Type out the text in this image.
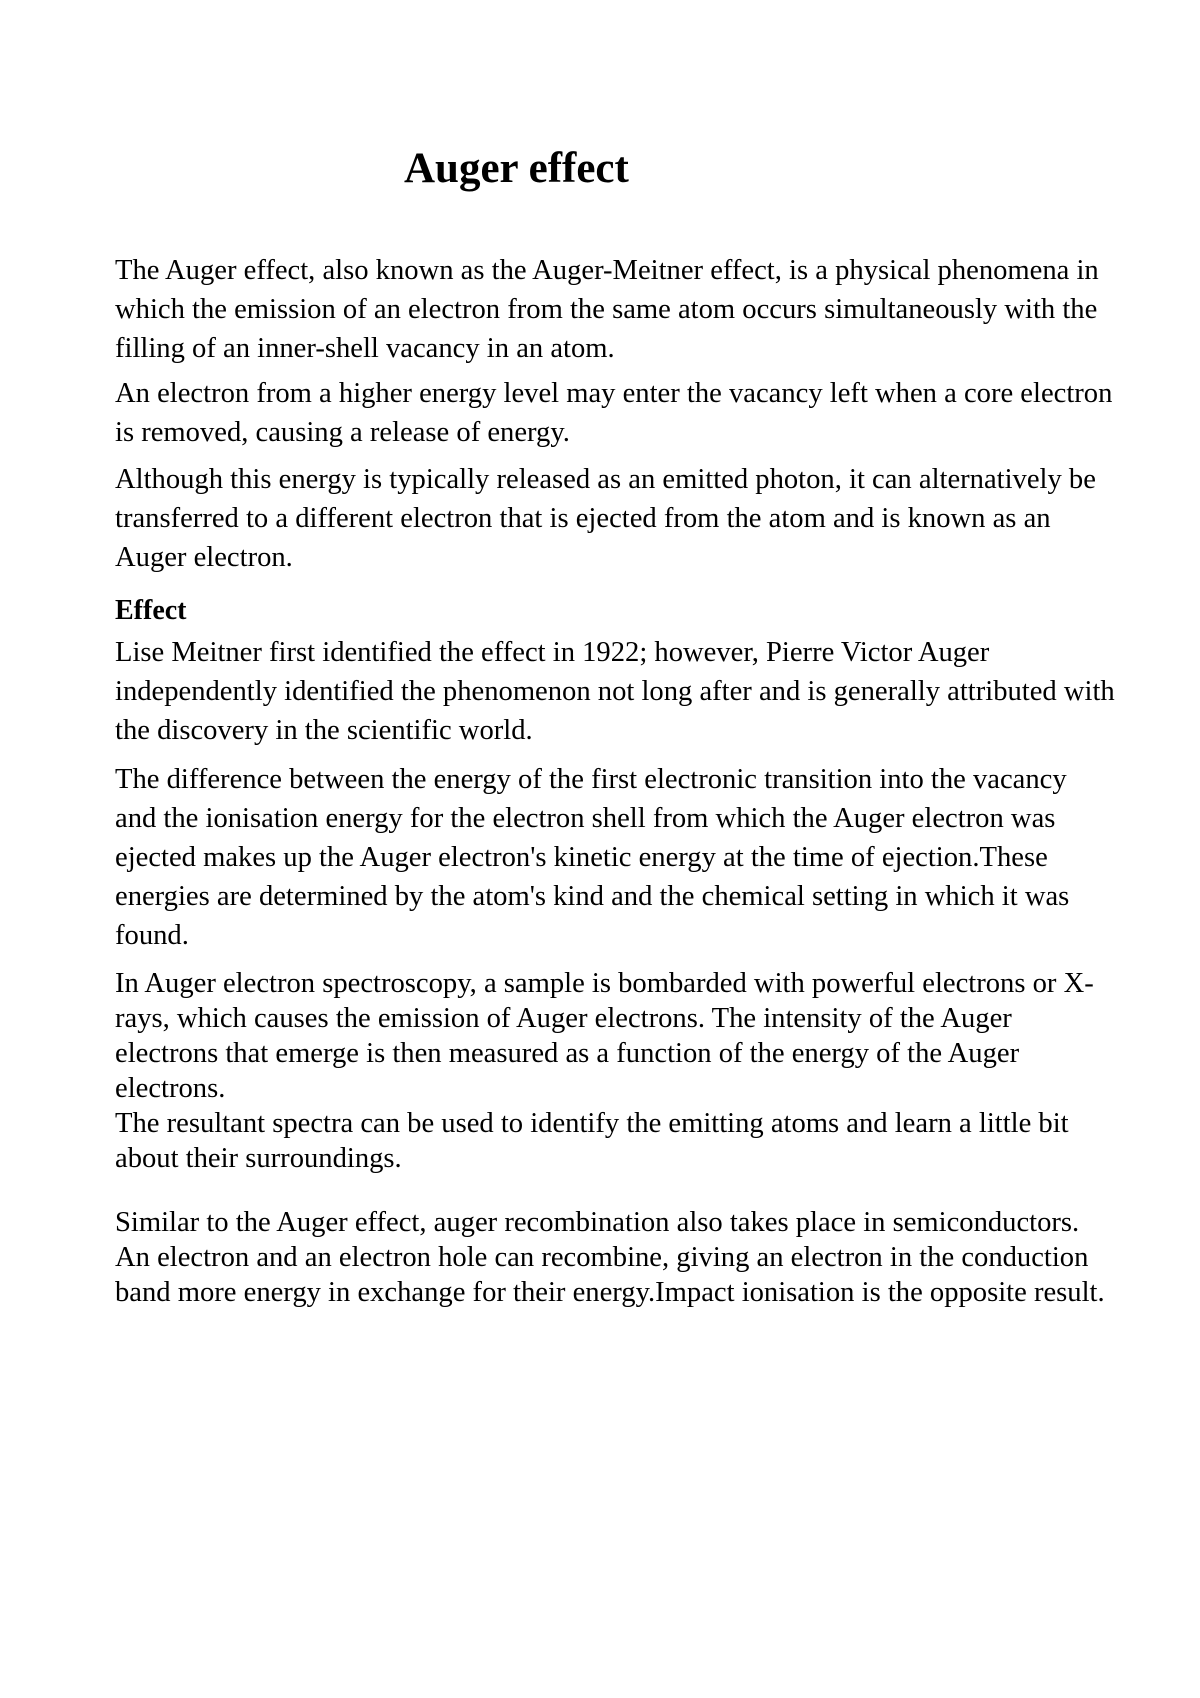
Auger effect

The Auger effect, also known as the Auger-Meitner effect, is a physical phenomena in which the emission of an electron from the same atom occurs simultaneously with the filling of an inner-shell vacancy in an atom.

An electron from a higher energy level may enter the vacancy left when a core electron is removed, causing a release of energy.

Although this energy is typically released as an emitted photon, it can alternatively be transferred to a different electron that is ejected from the atom and is known as an Auger electron.

Effect

Lise Meitner first identified the effect in 1922; however, Pierre Victor Auger independently identified the phenomenon not long after and is generally attributed with the discovery in the scientific world.

The difference between the energy of the first electronic transition into the vacancy and the ionisation energy for the electron shell from which the Auger electron was ejected makes up the Auger electron's kinetic energy at the time of ejection.These energies are determined by the atom's kind and the chemical setting in which it was found.

In Auger electron spectroscopy, a sample is bombarded with powerful electrons or X-rays, which causes the emission of Auger electrons. The intensity of the Auger electrons that emerge is then measured as a function of the energy of the Auger electrons.

The resultant spectra can be used to identify the emitting atoms and learn a little bit about their surroundings.

Similar to the Auger effect, auger recombination also takes place in semiconductors.

An electron and an electron hole can recombine, giving an electron in the conduction band more energy in exchange for their energy.Impact ionisation is the opposite result.
